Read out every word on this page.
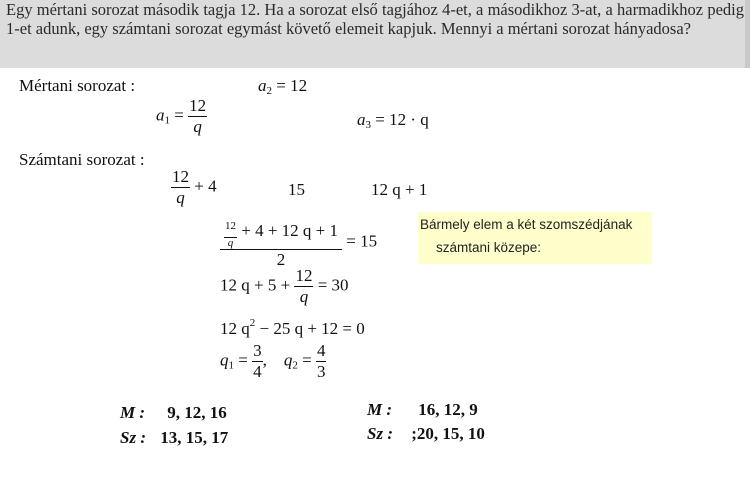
Egy mértani sorozat második tagja 12. Ha a sorozat első tagjához 4-et, a másodikhoz 3-at, a harmadikhoz pedig 1-et adunk, egy számtani sorozat egymást követő elemeit kapjuk. Mennyi a mértani sorozat hányadosa?
Mértani sorozat :	$a_2 = 12$
$a_1 = \frac{12}{q}$	$a_3 = 12 \cdot q$
Számtani sorozat :
$\frac{12}{q} + 4$	15	12 q + 1
$\frac{\frac{12}{q} + 4 + 12 q + 1}{2} = 15$
Bármely elem a két szomszédjának
számtani közepe:
12 $q + 5 + \frac{12}{q} = 30$
12 $q^2 - 25$ q + 12 = 0
$q_1 = \frac{3}{4}$ , $q_2 = \frac{4}{3}$
M : 9, 12, 16
Sz : 13, 15, 17
M : 16, 12, 9
Sz : ;20, 15, 10
